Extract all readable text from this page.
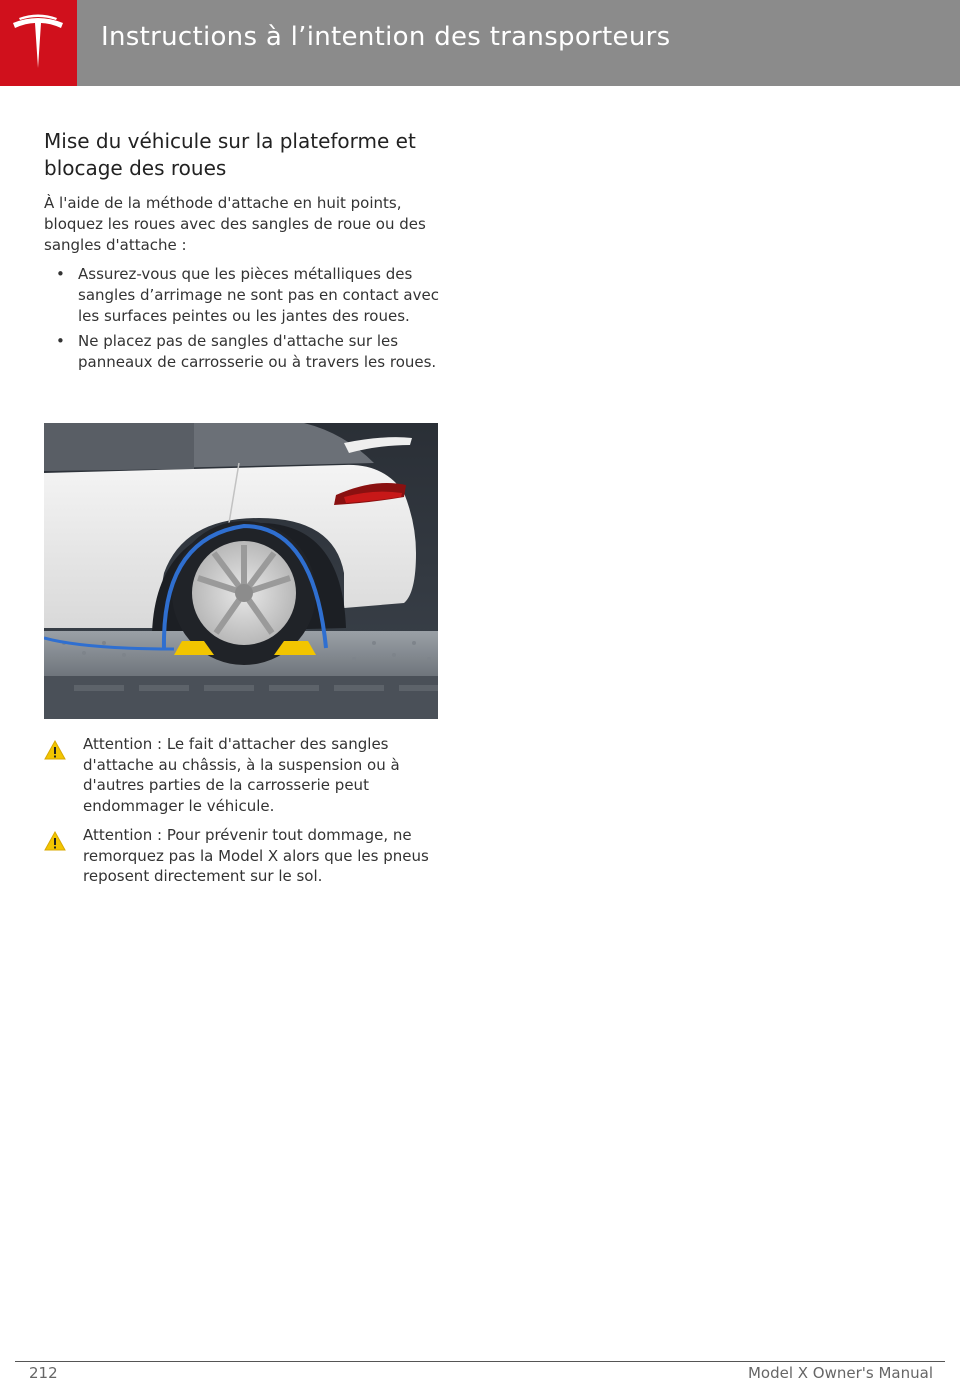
Instructions à l’intention des transporteurs
Mise du véhicule sur la plateforme et blocage des roues

À l'aide de la méthode d'attache en huit points, bloquez les roues avec des sangles de roue ou des sangles d'attache :

• Assurez-vous que les pièces métalliques des sangles d’arrimage ne sont pas en contact avec les surfaces peintes ou les jantes des roues.
• Ne placez pas de sangles d'attache sur les panneaux de carrosserie ou à travers les roues.

Attention : Le fait d'attacher des sangles d'attache au châssis, à la suspension ou à d'autres parties de la carrosserie peut endommager le véhicule.

Attention : Pour prévenir tout dommage, ne remorquez pas la Model X alors que les pneus reposent directement sur le sol.

212	Model X Owner's Manual
